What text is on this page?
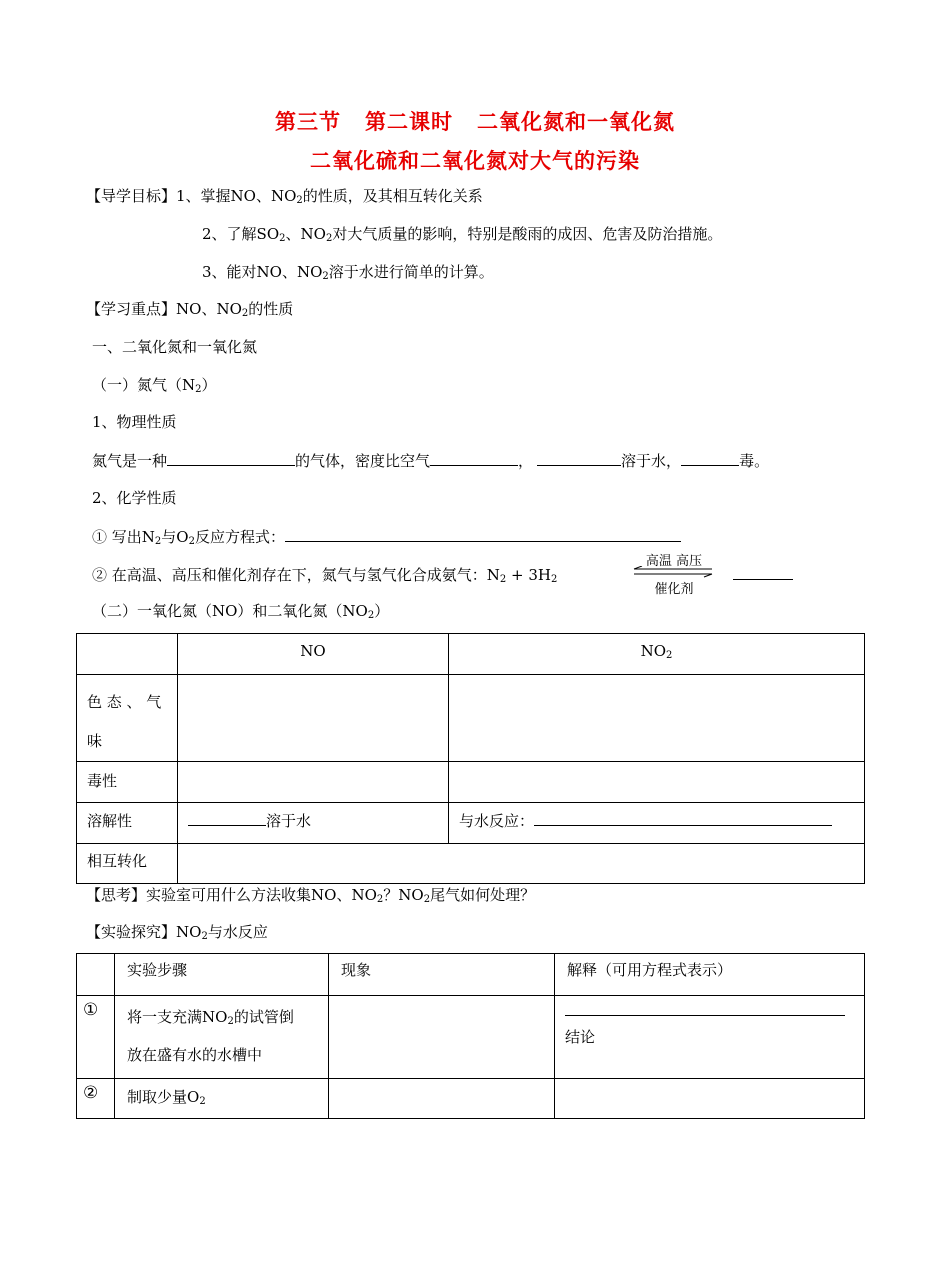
第三节 第二课时 二氧化氮和一氧化氮
二氧化硫和二氧化氮对大气的污染
【导学目标】1、掌握NO、$NO_2$的性质，及其相互转化关系
2、了解$SO_2$、$NO_2$对大气质量的影响，特别是酸雨的成因、危害及防治措施。
3、能对NO、$NO_2$溶于水进行简单的计算。
【学习重点】NO、$NO_2$的性质
一、二氧化氮和一氧化氮
（一）氮气$(N_2)$
1、物理性质
氮气是一种	的气体，密度比空气	，	溶于水，	毒。
2、化学性质
① 写出$N_2$与$O_2$反应方程式：
② 在高温、高压和催化剂存在下，氮气与氢气化合成氨气：$N_2 + 3H_2$
高温 高压
催化剂
（二）一氧化氮（NO）和二氧化氮$(NO_2)$

	NO	$NO_2$

色 态 、 气
味		

毒性		

溶解性	溶于水	与水反应：

相互转化		

【思考】实验室可用什么方法收集NO、$NO_2$？$NO_2$尾气如何处理？
【实验探究】$NO_2$与水反应

	实验步骤	现象	解释（可用方程式表示）

①	将一支充满$NO_2$的试管倒
放在盛有水的水槽中		结论

②	制取少量$O_2$
